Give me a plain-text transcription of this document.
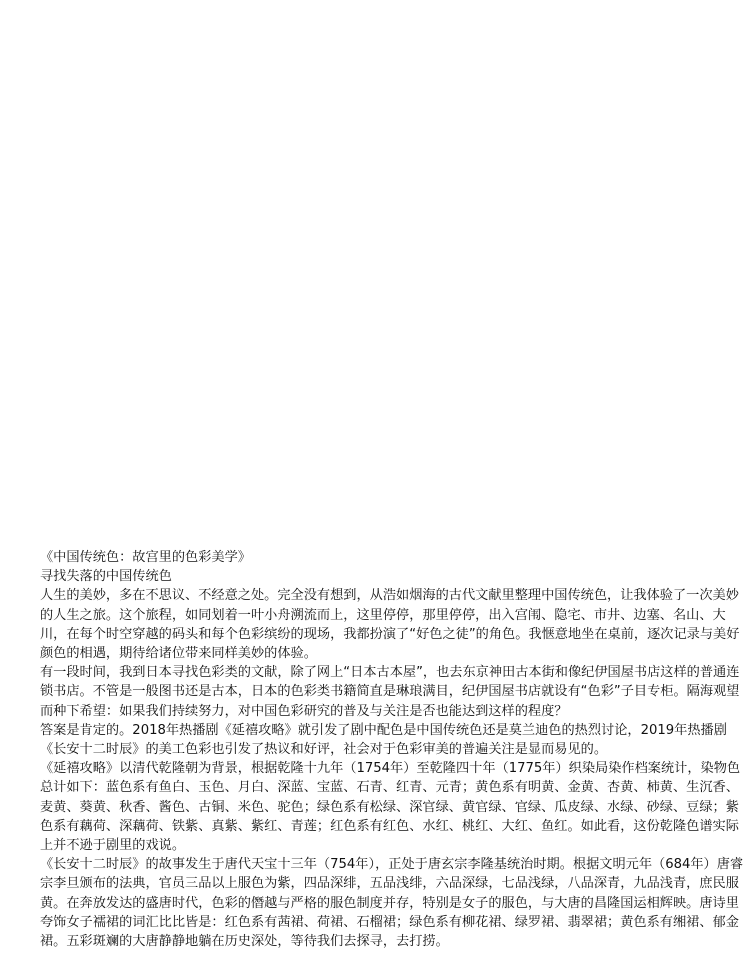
《中国传统色：故宫里的色彩美学》

寻找失落的中国传统色

人生的美妙，多在不思议、不经意之处。完全没有想到，从浩如烟海的古代文献里整理中国传统色，让我体验了一次美妙的人生之旅。这个旅程，如同划着一叶小舟溯流而上，这里停停，那里停停，出入宫闱、隐宅、市井、边塞、名山、大川，在每个时空穿越的码头和每个色彩缤纷的现场，我都扮演了“好色之徒”的角色。我惬意地坐在桌前，逐次记录与美好颜色的相遇，期待给诸位带来同样美妙的体验。

有一段时间，我到日本寻找色彩类的文献，除了网上“日本古本屋”，也去东京神田古本街和像纪伊国屋书店这样的普通连锁书店。不管是一般图书还是古本，日本的色彩类书籍简直是琳琅满目，纪伊国屋书店就设有“色彩”子目专柜。隔海观望而种下希望：如果我们持续努力，对中国色彩研究的普及与关注是否也能达到这样的程度？

答案是肯定的。2018年热播剧《延禧攻略》就引发了剧中配色是中国传统色还是莫兰迪色的热烈讨论，2019年热播剧《长安十二时辰》的美工色彩也引发了热议和好评，社会对于色彩审美的普遍关注是显而易见的。

《延禧攻略》以清代乾隆朝为背景，根据乾隆十九年（1754年）至乾隆四十年（1775年）织染局染作档案统计，染物色总计如下：蓝色系有鱼白、玉色、月白、深蓝、宝蓝、石青、红青、元青；黄色系有明黄、金黄、杏黄、柿黄、生沉香、麦黄、葵黄、秋香、酱色、古铜、米色、驼色；绿色系有松绿、深官绿、黄官绿、官绿、瓜皮绿、水绿、砂绿、豆绿；紫色系有藕荷、深藕荷、铁紫、真紫、紫红、青莲；红色系有红色、水红、桃红、大红、鱼红。如此看，这份乾隆色谱实际上并不逊于剧里的戏说。

《长安十二时辰》的故事发生于唐代天宝十三年（754年），正处于唐玄宗李隆基统治时期。根据文明元年（684年）唐睿宗李旦颁布的法典，官员三品以上服色为紫，四品深绯，五品浅绯，六品深绿，七品浅绿，八品深青，九品浅青，庶民服黄。在奔放发达的盛唐时代，色彩的僭越与严格的服色制度并存，特别是女子的服色，与大唐的昌隆国运相辉映。唐诗里夸饰女子襦裙的词汇比比皆是：红色系有茜裙、荷裙、石榴裙；绿色系有柳花裙、绿罗裙、翡翠裙；黄色系有缃裙、郁金裙。五彩斑斓的大唐静静地躺在历史深处，等待我们去探寻，去打捞。
